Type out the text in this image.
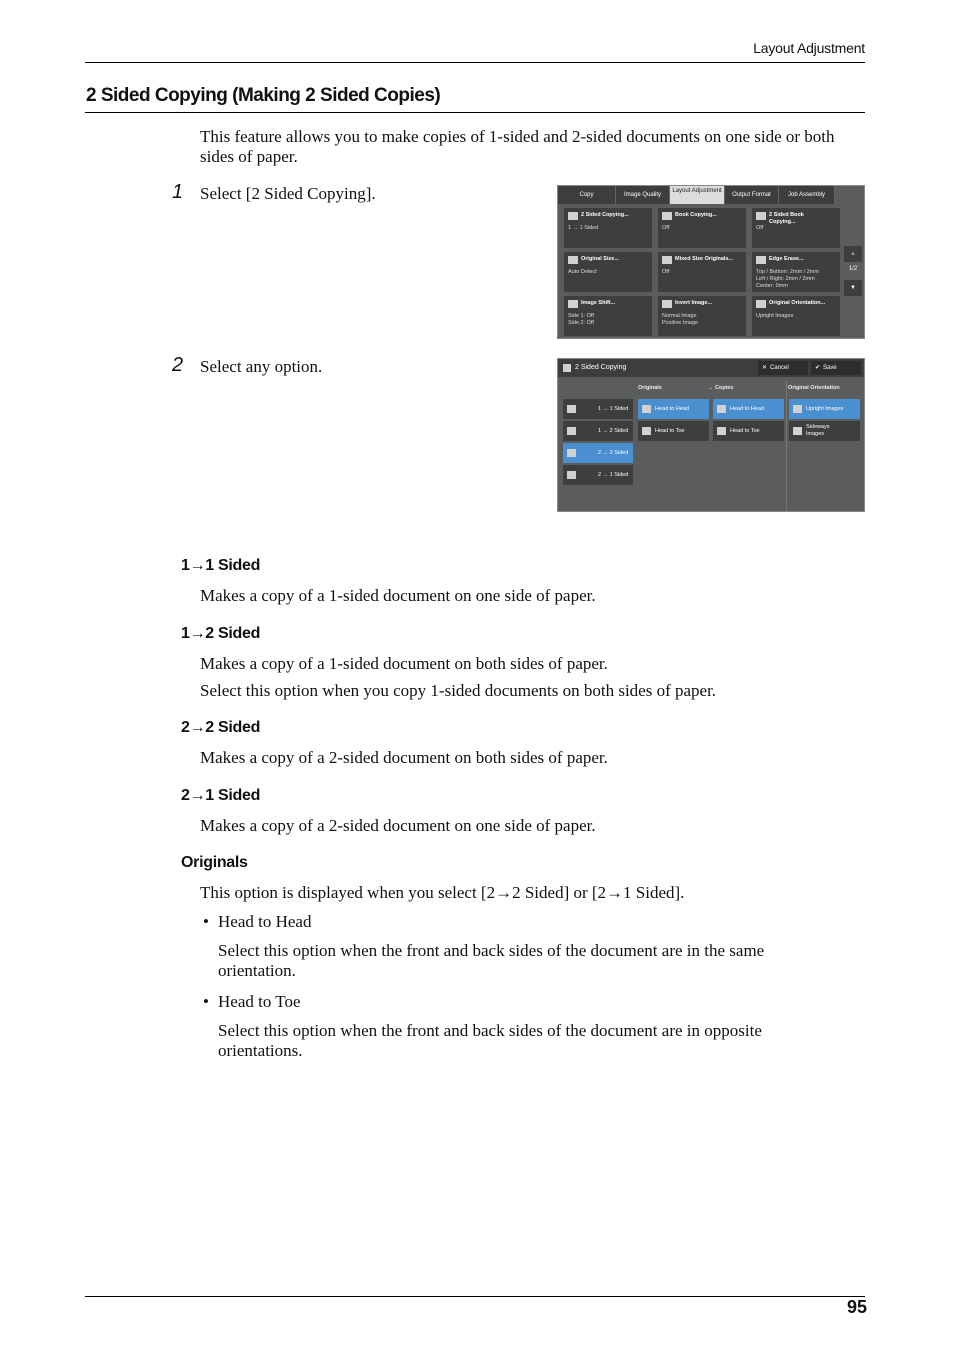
Layout Adjustment
2 Sided Copying (Making 2 Sided Copies)
This feature allows you to make copies of 1-sided and 2-sided documents on one side or both sides of paper.
1 Select [2 Sided Copying].	Copy	Image Quality
Layout Adjustment
Output Format	Job Assembly
2 Sided Copying...
1 → 1 Sided
Book Copying...
Off
2 Sided Book Copying...
Off
Original Size...
Auto Detect
Mixed Size Originals...
Off
Edge Erase...
Top / Bottom: 2mm / 2mm
Left / Right: 2mm / 2mm
Center: 0mm
Image Shift...
Side 1: Off
Side 2: Off
Invert Image...
Normal Image
Positive Image
Original Orientation...
Upright Images
▲
1/2
▼
2 Select any option.	2 Sided Copying	✕ Cancel	✔ Save
Originals	→ Copies	Original Orientation
1 → 1 Sided
1 → 2 Sided
2 → 2 Sided
2 → 1 Sided
Head to Head
Head to Toe
Head to Head
Head to Toe
Upright Images
Sideways Images
1→1 Sided
Makes a copy of a 1-sided document on one side of paper.
1→2 Sided
Makes a copy of a 1-sided document on both sides of paper.
Select this option when you copy 1-sided documents on both sides of paper.
2→2 Sided
Makes a copy of a 2-sided document on both sides of paper.
2→1 Sided
Makes a copy of a 2-sided document on one side of paper.
Originals
This option is displayed when you select [2→2 Sided] or [2→1 Sided].
• Head to Head
Select this option when the front and back sides of the document are in the same orientation.
• Head to Toe
Select this option when the front and back sides of the document are in opposite orientations.
95
